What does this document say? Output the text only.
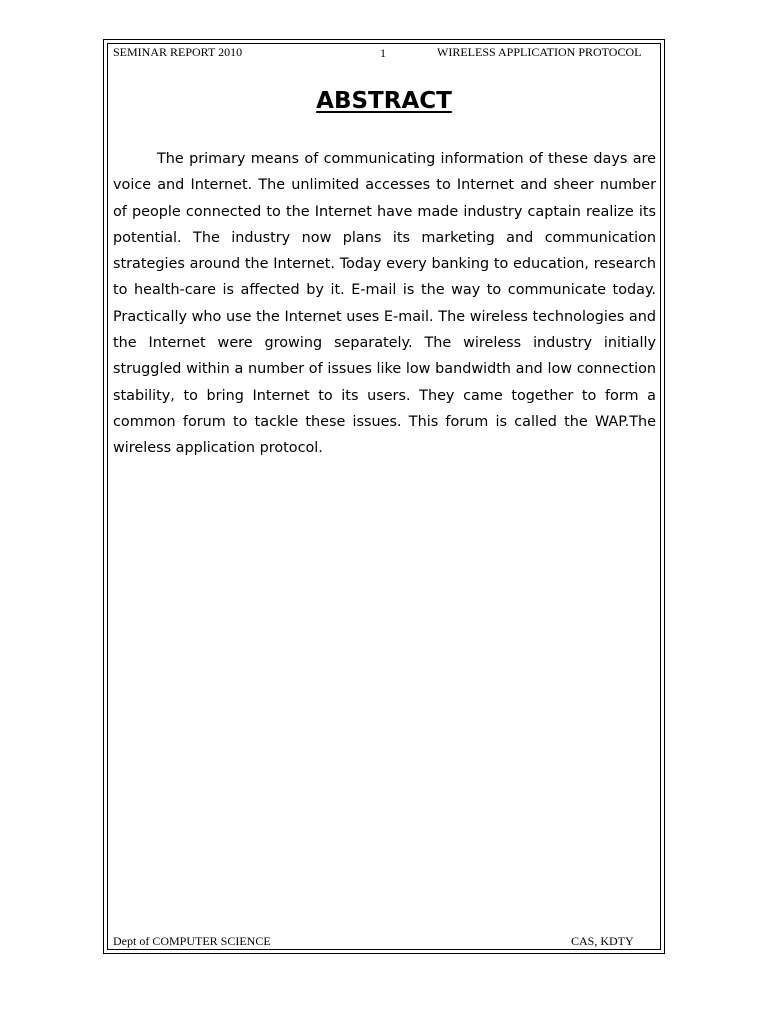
SEMINAR REPORT 2010	1	WIRELESS APPLICATION PROTOCOL
ABSTRACT

The primary means of communicating information of these days are voice and Internet. The unlimited accesses to Internet and sheer number of people connected to the Internet have made industry captain realize its potential. The industry now plans its marketing and communication strategies around the Internet. Today every banking to education, research to health-care is affected by it. E-mail is the way to communicate today. Practically who use the Internet uses E-mail. The wireless technologies and the Internet were growing separately. The wireless industry initially struggled within a number of issues like low bandwidth and low connection stability, to bring Internet to its users. They came together to form a common forum to tackle these issues. This forum is called the WAP.The wireless application protocol.

Dept of COMPUTER SCIENCE	CAS, KDTY
